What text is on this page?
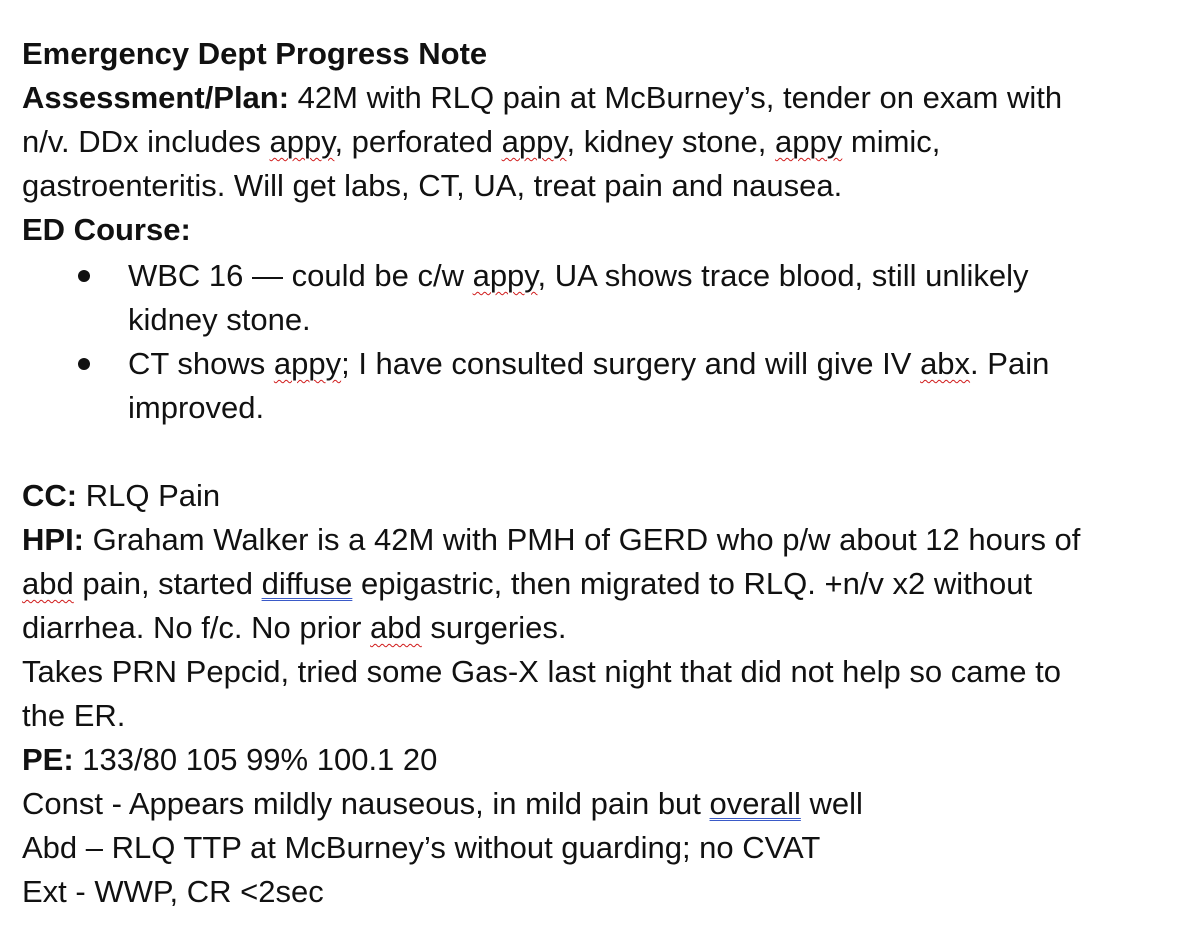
Emergency Dept Progress Note
Assessment/Plan: 42M with RLQ pain at McBurney’s, tender on exam with
n/v. DDx includes appy, perforated appy, kidney stone, appy mimic,
gastroenteritis. Will get labs, CT, UA, treat pain and nausea.
ED Course:
WBC 16 — could be c/w appy, UA shows trace blood, still unlikely
kidney stone.
CT shows appy; I have consulted surgery and will give IV abx. Pain
improved.
CC: RLQ Pain
HPI: Graham Walker is a 42M with PMH of GERD who p/w about 12 hours of
abd pain, started diffuse epigastric, then migrated to RLQ. +n/v x2 without
diarrhea. No f/c. No prior abd surgeries.
Takes PRN Pepcid, tried some Gas-X last night that did not help so came to
the ER.
PE: 133/80 105 99% 100.1 20
Const - Appears mildly nauseous, in mild pain but overall well
Abd – RLQ TTP at McBurney’s without guarding; no CVAT
Ext - WWP, CR <2sec
